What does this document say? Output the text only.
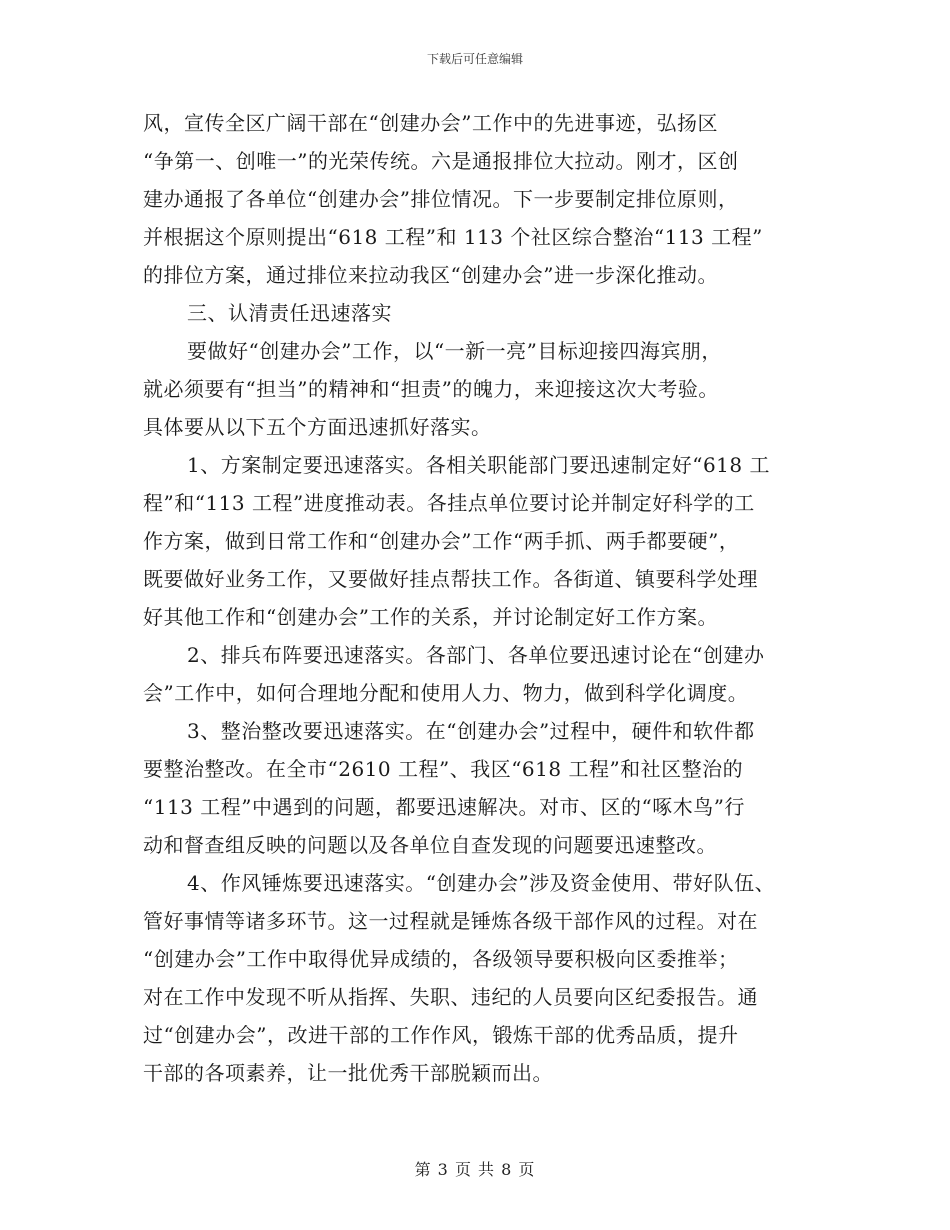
下载后可任意编辑
风，宣传全区广阔干部在“创建办会”工作中的先进事迹，弘扬区
“争第一、创唯一”的光荣传统。六是通报排位大拉动。刚才，区创
建办通报了各单位“创建办会”排位情况。下一步要制定排位原则，
并根据这个原则提出“618 工程”和 113 个社区综合整治“113 工程”
的排位方案，通过排位来拉动我区“创建办会”进一步深化推动。
三、认清责任迅速落实
要做好“创建办会”工作，以“一新一亮”目标迎接四海宾朋，
就必须要有“担当”的精神和“担责”的魄力，来迎接这次大考验。
具体要从以下五个方面迅速抓好落实。
1、方案制定要迅速落实。各相关职能部门要迅速制定好“618 工
程”和“113 工程”进度推动表。各挂点单位要讨论并制定好科学的工
作方案，做到日常工作和“创建办会”工作“两手抓、两手都要硬”，
既要做好业务工作，又要做好挂点帮扶工作。各街道、镇要科学处理
好其他工作和“创建办会”工作的关系，并讨论制定好工作方案。
2、排兵布阵要迅速落实。各部门、各单位要迅速讨论在“创建办
会”工作中，如何合理地分配和使用人力、物力，做到科学化调度。
3、整治整改要迅速落实。在“创建办会”过程中，硬件和软件都
要整治整改。在全市“2610 工程”、我区“618 工程”和社区整治的
“113 工程”中遇到的问题，都要迅速解决。对市、区的“啄木鸟”行
动和督查组反映的问题以及各单位自查发现的问题要迅速整改。
4、作风锤炼要迅速落实。“创建办会”涉及资金使用、带好队伍、
管好事情等诸多环节。这一过程就是锤炼各级干部作风的过程。对在
“创建办会”工作中取得优异成绩的，各级领导要积极向区委推举；
对在工作中发现不听从指挥、失职、违纪的人员要向区纪委报告。通
过“创建办会”，改进干部的工作作风，锻炼干部的优秀品质，提升
干部的各项素养，让一批优秀干部脱颖而出。
第 3 页 共 8 页
